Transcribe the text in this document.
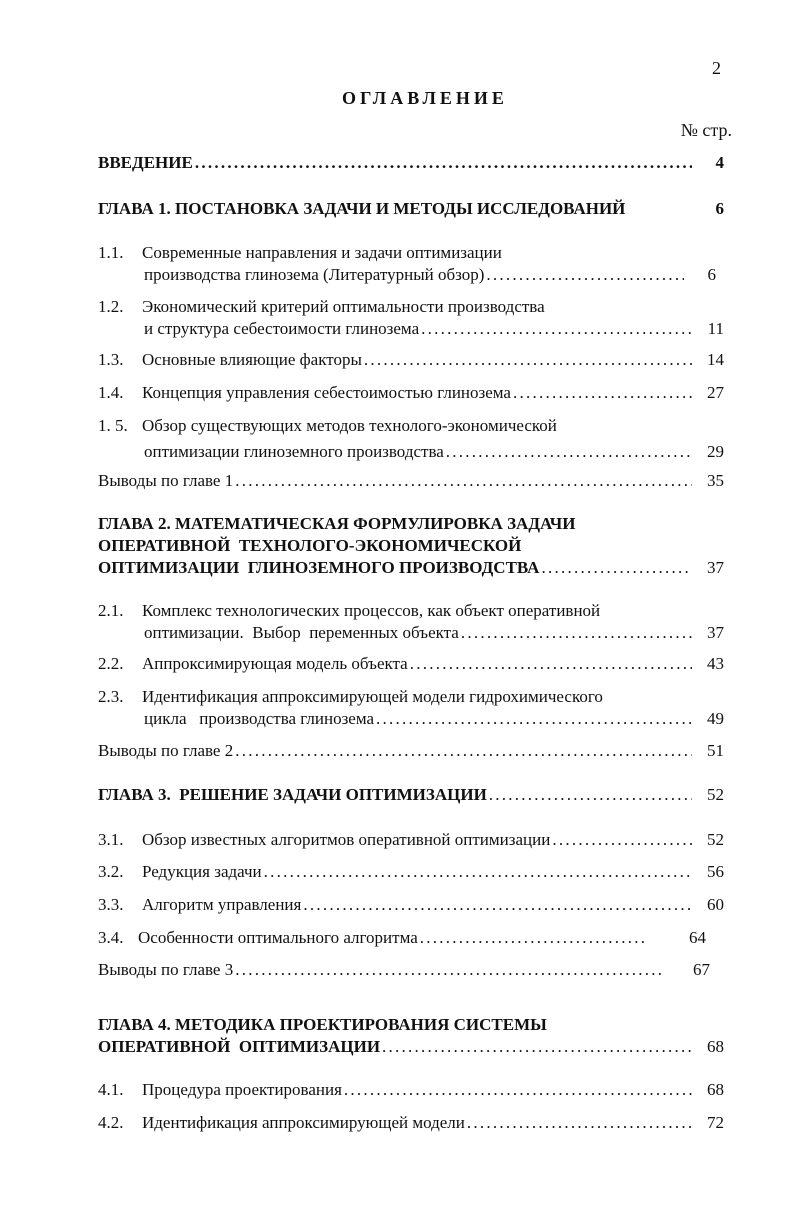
2
ОГЛАВЛЕНИЕ
№ стр.
ВВЕДЕНИЕ . . .	4
ГЛАВА 1. ПОСТАНОВКА ЗАДАЧИ И МЕТОДЫ ИССЛЕДОВАНИЙ	6
1.1.	Современные направления и задачи оптимизации
производства глинозема (Литературный обзор) . . .	6
1.2.	Экономический критерий оптимальности производства
и структура себестоимости глинозема . . .	11
1.3.	Основные влияющие факторы . . .	14
1.4.	Концепция управления себестоимостью глинозема . . .	27
1. 5. Обзор существующих методов технолого-экономической
оптимизации глиноземного производства . . .	29
Выводы по главе 1 . . .	35
ГЛАВА 2. МАТЕМАТИЧЕСКАЯ ФОРМУЛИРОВКА ЗАДАЧИ
ОПЕРАТИВНОЙ  ТЕХНОЛОГО-ЭКОНОМИЧЕСКОЙ
ОПТИМИЗАЦИИ  ГЛИНОЗЕМНОГО ПРОИЗВОДСТВА . . .	37
2.1.	Комплекс технологических процессов, как объект оперативной
оптимизации.  Выбор  переменных объекта . . .	37
2.2.	Аппроксимирующая модель объекта . . .	43
2.3.	Идентификация аппроксимирующей модели гидрохимического
цикла   производства глинозема . . .	49
Выводы по главе 2 . . .	51
ГЛАВА 3.  РЕШЕНИЕ ЗАДАЧИ ОПТИМИЗАЦИИ . . .	52
3.1.	Обзор известных алгоритмов оперативной оптимизации . . .	52
3.2.	Редукция задачи . . .	56
3.3.	Алгоритм управления . . .	60
3.4. Особенности оптимального алгоритма . . .	64
Выводы по главе 3 . . .	67
ГЛАВА 4. МЕТОДИКА ПРОЕКТИРОВАНИЯ СИСТЕМЫ
ОПЕРАТИВНОЙ  ОПТИМИЗАЦИИ . . .	68
4.1.	Процедура проектирования . . .	68
4.2.	Идентификация аппроксимирующей модели . . .	72
